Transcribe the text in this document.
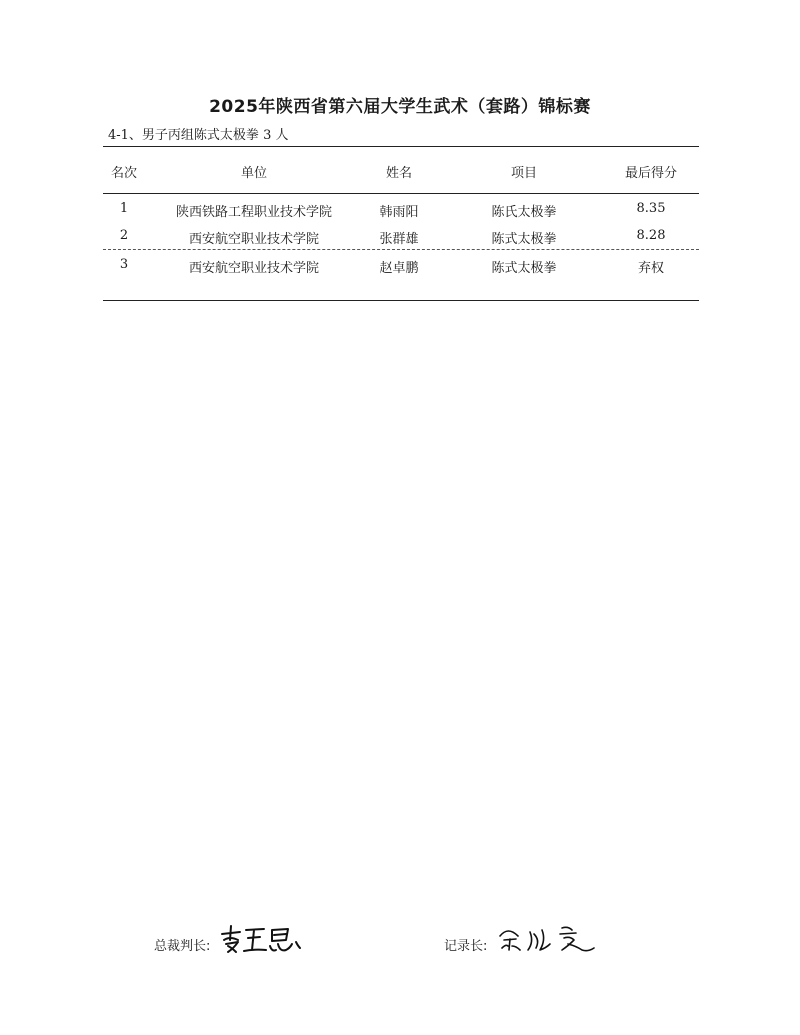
2025年陕西省第六届大学生武术（套路）锦标赛
4-1、男子丙组陈式太极拳 3 人
名次	单位	姓名	项目	最后得分
1	陕西铁路工程职业技术学院	韩雨阳	陈氏太极拳	8.35
2	西安航空职业技术学院	张群雄	陈式太极拳	8.28
3	西安航空职业技术学院	赵卓鹏	陈式太极拳	弃权
总裁判长:	记录长:
